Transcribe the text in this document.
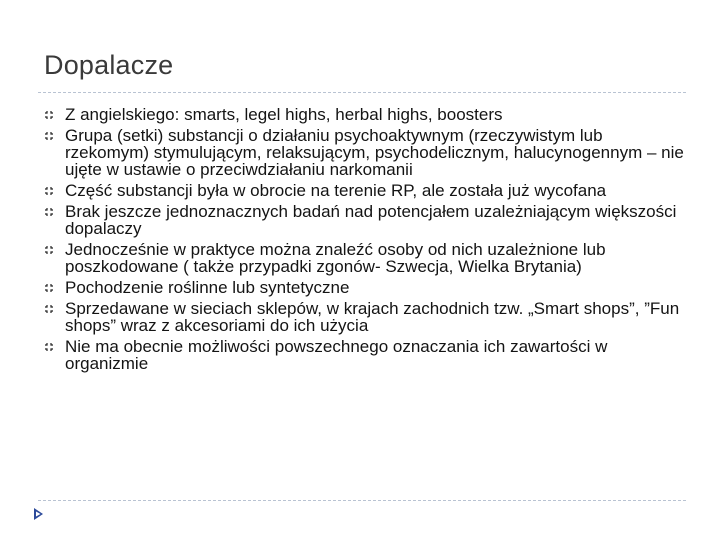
Dopalacze
Z angielskiego: smarts, legel highs, herbal highs, boosters
Grupa (setki) substancji o działaniu psychoaktywnym (rzeczywistym lub rzekomym) stymulującym, relaksującym, psychodelicznym, halucynogennym – nie ujęte w ustawie o przeciwdziałaniu narkomanii
Część substancji była w obrocie na terenie RP, ale została już wycofana
Brak jeszcze jednoznacznych badań nad potencjałem uzależniającym większości dopalaczy
Jednocześnie w praktyce można znaleźć osoby od nich uzależnione lub poszkodowane ( także przypadki zgonów- Szwecja, Wielka Brytania)
Pochodzenie roślinne lub syntetyczne
Sprzedawane w sieciach sklepów, w krajach zachodnich tzw. „Smart shops”, ”Fun shops” wraz z akcesoriami do ich użycia
Nie ma obecnie możliwości powszechnego oznaczania ich zawartości w organizmie
